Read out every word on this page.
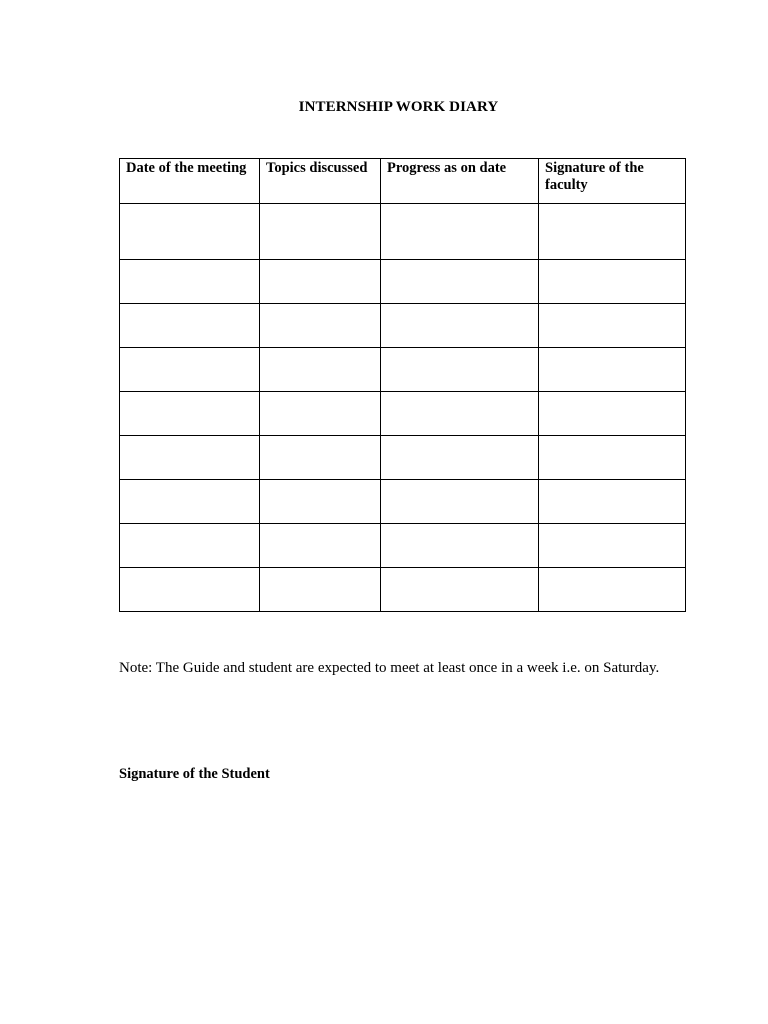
INTERNSHIP WORK DIARY
Date of the meeting	Topics discussed	Progress as on date	Signature of the faculty

Note: The Guide and student are expected to meet at least once in a week i.e. on Saturday.
Signature of the Student
